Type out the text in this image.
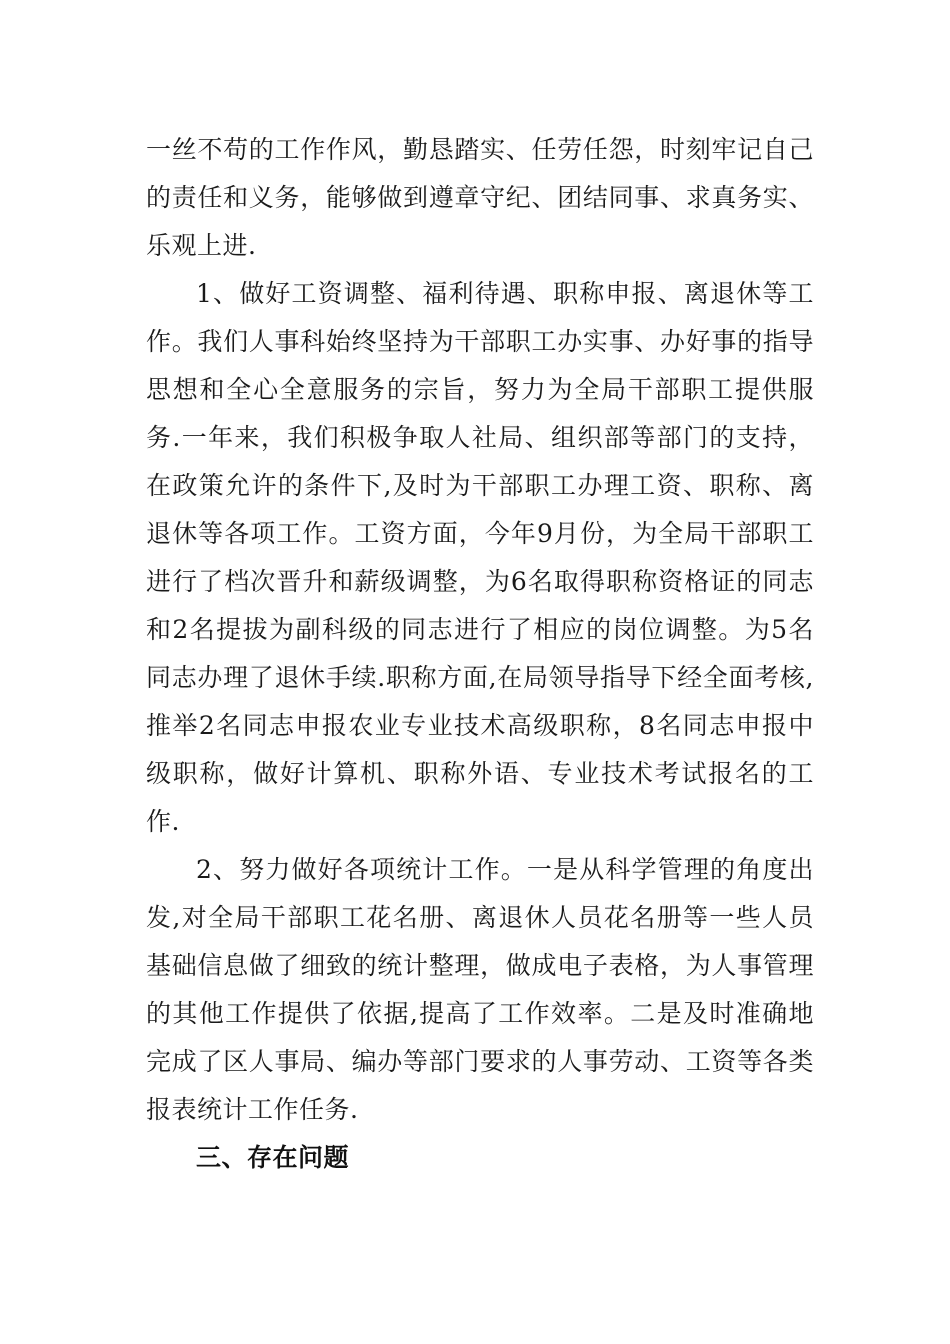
一丝不苟的工作作风，勤恳踏实、任劳任怨，时刻牢记自己的责任和义务，能够做到遵章守纪、团结同事、求真务实、乐观上进.

1、做好工资调整、福利待遇、职称申报、离退休等工作。我们人事科始终坚持为干部职工办实事、办好事的指导思想和全心全意服务的宗旨，努力为全局干部职工提供服务.一年来，我们积极争取人社局、组织部等部门的支持，在政策允许的条件下,及时为干部职工办理工资、职称、离退休等各项工作。工资方面，今年9月份，为全局干部职工进行了档次晋升和薪级调整，为6名取得职称资格证的同志和2名提拔为副科级的同志进行了相应的岗位调整。为5名同志办理了退休手续.职称方面,在局领导指导下经全面考核,推举2名同志申报农业专业技术高级职称，8名同志申报中级职称，做好计算机、职称外语、专业技术考试报名的工作.

2、努力做好各项统计工作。一是从科学管理的角度出发,对全局干部职工花名册、离退休人员花名册等一些人员基础信息做了细致的统计整理，做成电子表格，为人事管理的其他工作提供了依据,提高了工作效率。二是及时准确地完成了区人事局、编办等部门要求的人事劳动、工资等各类报表统计工作任务.

三、存在问题
